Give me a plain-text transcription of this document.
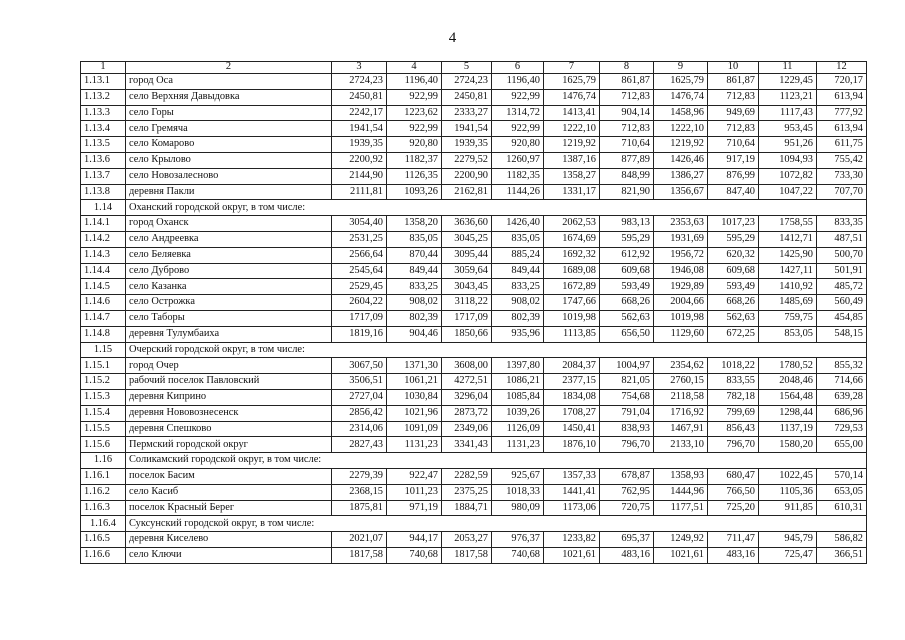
4
1	2	3	4	5	6	7	8	9	10	11	12
1.13.1	город Оса	2724,23	1196,40	2724,23	1196,40	1625,79	861,87	1625,79	861,87	1229,45	720,17
1.13.2	село Верхняя Давыдовка	2450,81	922,99	2450,81	922,99	1476,74	712,83	1476,74	712,83	1123,21	613,94
1.13.3	село Горы	2242,17	1223,62	2333,27	1314,72	1413,41	904,14	1458,96	949,69	1117,43	777,92
1.13.4	село Гремяча	1941,54	922,99	1941,54	922,99	1222,10	712,83	1222,10	712,83	953,45	613,94
1.13.5	село Комарово	1939,35	920,80	1939,35	920,80	1219,92	710,64	1219,92	710,64	951,26	611,75
1.13.6	село Крылово	2200,92	1182,37	2279,52	1260,97	1387,16	877,89	1426,46	917,19	1094,93	755,42
1.13.7	село Новозалесново	2144,90	1126,35	2200,90	1182,35	1358,27	848,99	1386,27	876,99	1072,82	733,30
1.13.8	деревня Пакли	2111,81	1093,26	2162,81	1144,26	1331,17	821,90	1356,67	847,40	1047,22	707,70
1.14	Оханский городской округ, в том числе:										
1.14.1	город Оханск	3054,40	1358,20	3636,60	1426,40	2062,53	983,13	2353,63	1017,23	1758,55	833,35
1.14.2	село Андреевка	2531,25	835,05	3045,25	835,05	1674,69	595,29	1931,69	595,29	1412,71	487,51
1.14.3	село Беляевка	2566,64	870,44	3095,44	885,24	1692,32	612,92	1956,72	620,32	1425,90	500,70
1.14.4	село Дуброво	2545,64	849,44	3059,64	849,44	1689,08	609,68	1946,08	609,68	1427,11	501,91
1.14.5	село Казанка	2529,45	833,25	3043,45	833,25	1672,89	593,49	1929,89	593,49	1410,92	485,72
1.14.6	село Острожка	2604,22	908,02	3118,22	908,02	1747,66	668,26	2004,66	668,26	1485,69	560,49
1.14.7	село Таборы	1717,09	802,39	1717,09	802,39	1019,98	562,63	1019,98	562,63	759,75	454,85
1.14.8	деревня Тулумбаиха	1819,16	904,46	1850,66	935,96	1113,85	656,50	1129,60	672,25	853,05	548,15
1.15	Очерский городской округ, в том числе:										
1.15.1	город Очер	3067,50	1371,30	3608,00	1397,80	2084,37	1004,97	2354,62	1018,22	1780,52	855,32
1.15.2	рабочий поселок Павловский	3506,51	1061,21	4272,51	1086,21	2377,15	821,05	2760,15	833,55	2048,46	714,66
1.15.3	деревня Киприно	2727,04	1030,84	3296,04	1085,84	1834,08	754,68	2118,58	782,18	1564,48	639,28
1.15.4	деревня Нововознесенск	2856,42	1021,96	2873,72	1039,26	1708,27	791,04	1716,92	799,69	1298,44	686,96
1.15.5	деревня Спешково	2314,06	1091,09	2349,06	1126,09	1450,41	838,93	1467,91	856,43	1137,19	729,53
1.15.6	Пермский городской округ	2827,43	1131,23	3341,43	1131,23	1876,10	796,70	2133,10	796,70	1580,20	655,00
1.16	Соликамский городской округ, в том числе:										
1.16.1	поселок Басим	2279,39	922,47	2282,59	925,67	1357,33	678,87	1358,93	680,47	1022,45	570,14
1.16.2	село Касиб	2368,15	1011,23	2375,25	1018,33	1441,41	762,95	1444,96	766,50	1105,36	653,05
1.16.3	поселок Красный Берег	1875,81	971,19	1884,71	980,09	1173,06	720,75	1177,51	725,20	911,85	610,31
1.16.4	Суксунский городской округ, в том числе:										
1.16.5	деревня Киселево	2021,07	944,17	2053,27	976,37	1233,82	695,37	1249,92	711,47	945,79	586,82
1.16.6	село Ключи	1817,58	740,68	1817,58	740,68	1021,61	483,16	1021,61	483,16	725,47	366,51
